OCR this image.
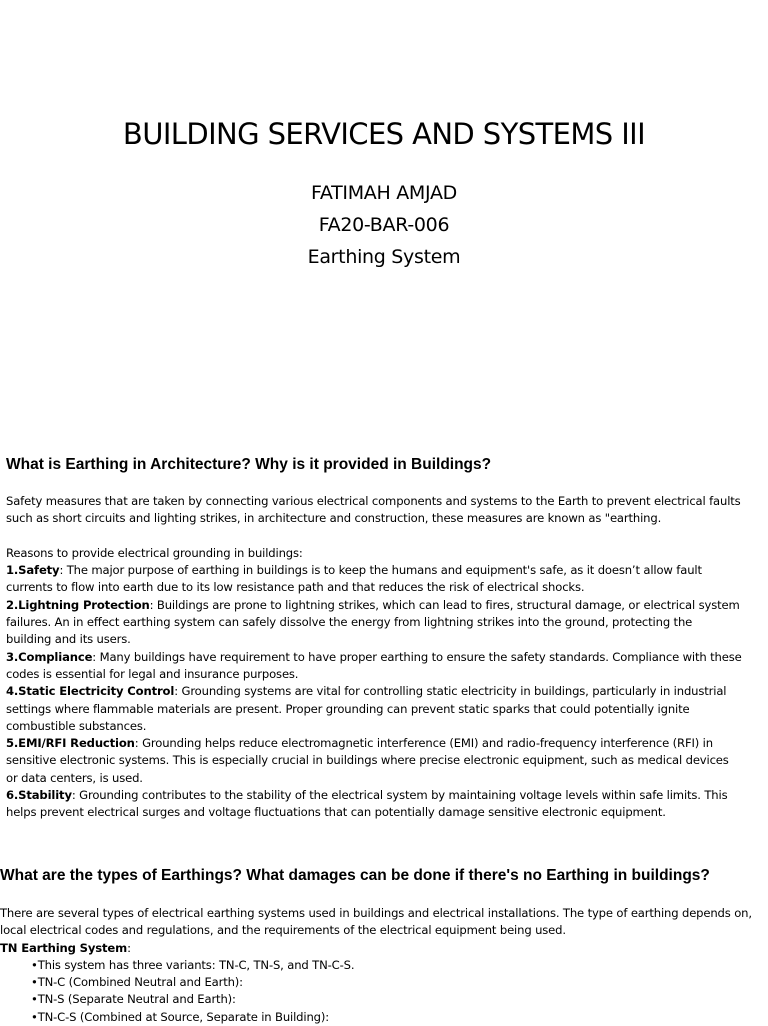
BUILDING SERVICES AND SYSTEMS III

FATIMAH AMJAD

FA20-BAR-006

Earthing System

What is Earthing in Architecture? Why is it provided in Buildings?
Safety measures that are taken by connecting various electrical components and systems to the Earth to prevent electrical faults
such as short circuits and lighting strikes, in architecture and construction, these measures are known as "earthing.
Reasons to provide electrical grounding in buildings:
1.Safety: The major purpose of earthing in buildings is to keep the humans and equipment's safe, as it doesn’t allow fault
currents to flow into earth due to its low resistance path and that reduces the risk of electrical shocks.
2.Lightning Protection: Buildings are prone to lightning strikes, which can lead to fires, structural damage, or electrical system
failures. An in effect earthing system can safely dissolve the energy from lightning strikes into the ground, protecting the
building and its users.
3.Compliance: Many buildings have requirement to have proper earthing to ensure the safety standards. Compliance with these
codes is essential for legal and insurance purposes.
4.Static Electricity Control: Grounding systems are vital for controlling static electricity in buildings, particularly in industrial
settings where flammable materials are present. Proper grounding can prevent static sparks that could potentially ignite
combustible substances.
5.EMI/RFI Reduction: Grounding helps reduce electromagnetic interference (EMI) and radio-frequency interference (RFI) in
sensitive electronic systems. This is especially crucial in buildings where precise electronic equipment, such as medical devices
or data centers, is used.
6.Stability: Grounding contributes to the stability of the electrical system by maintaining voltage levels within safe limits. This
helps prevent electrical surges and voltage fluctuations that can potentially damage sensitive electronic equipment.
What are the types of Earthings? What damages can be done if there's no Earthing in buildings?
There are several types of electrical earthing systems used in buildings and electrical installations. The type of earthing depends on,
local electrical codes and regulations, and the requirements of the electrical equipment being used.
TN Earthing System:
•This system has three variants: TN-C, TN-S, and TN-C-S.
•TN-C (Combined Neutral and Earth):
•TN-S (Separate Neutral and Earth):
•TN-C-S (Combined at Source, Separate in Building):
